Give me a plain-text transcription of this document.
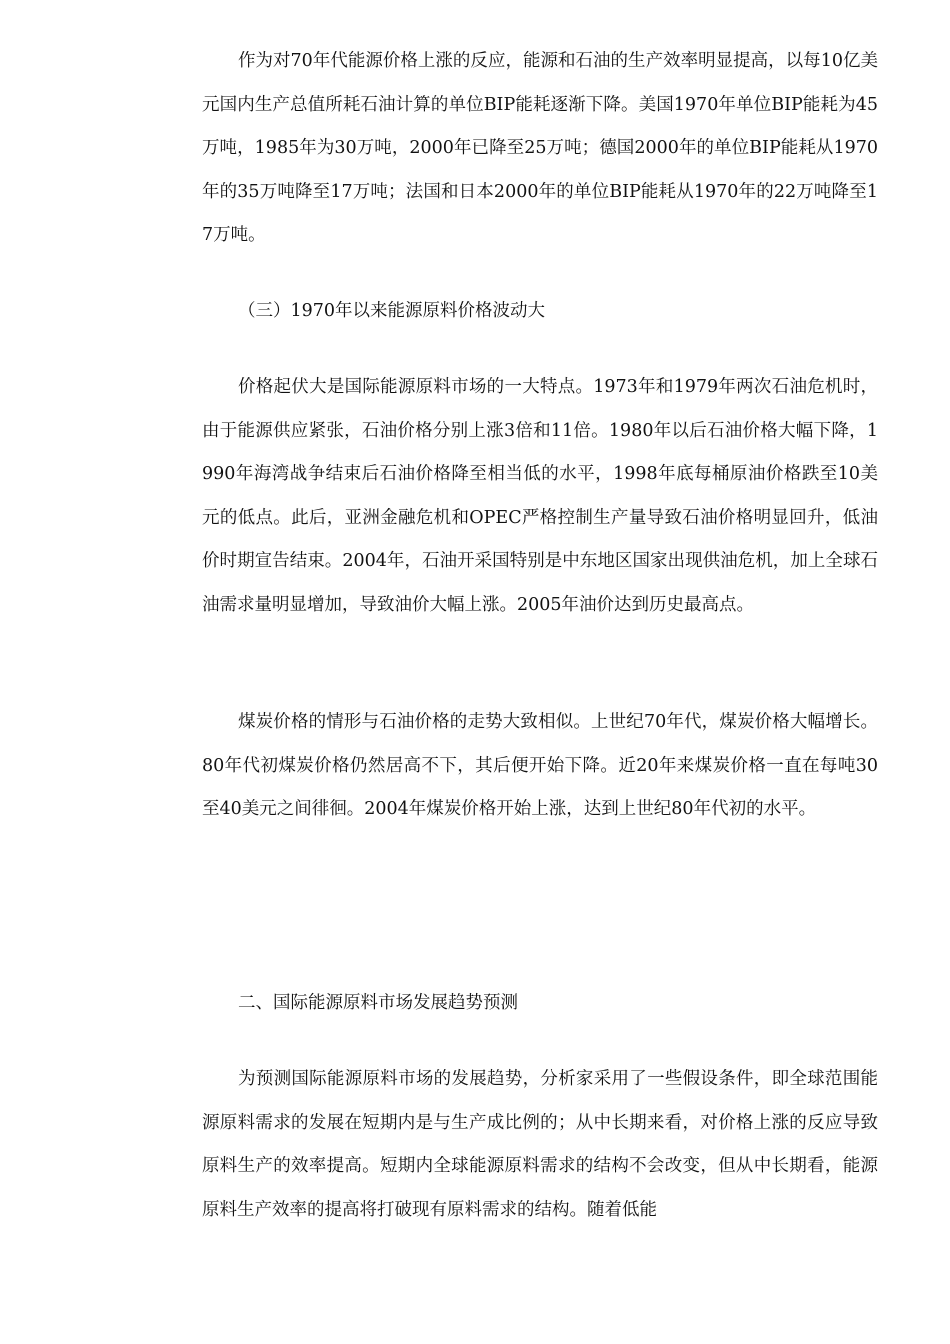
作为对70年代能源价格上涨的反应，能源和石油的生产效率明显提高，以每10亿美元国内生产总值所耗石油计算的单位BIP能耗逐渐下降。美国1970年单位BIP能耗为45万吨，1985年为30万吨，2000年已降至25万吨；德国2000年的单位BIP能耗从1970年的35万吨降至17万吨；法国和日本2000年的单位BIP能耗从1970年的22万吨降至17万吨。

（三）1970年以来能源原料价格波动大

价格起伏大是国际能源原料市场的一大特点。1973年和1979年两次石油危机时，由于能源供应紧张，石油价格分别上涨3倍和11倍。1980年以后石油价格大幅下降，1990年海湾战争结束后石油价格降至相当低的水平，1998年底每桶原油价格跌至10美元的低点。此后，亚洲金融危机和OPEC严格控制生产量导致石油价格明显回升，低油价时期宣告结束。2004年，石油开采国特别是中东地区国家出现供油危机，加上全球石油需求量明显增加，导致油价大幅上涨。2005年油价达到历史最高点。

煤炭价格的情形与石油价格的走势大致相似。上世纪70年代，煤炭价格大幅增长。80年代初煤炭价格仍然居高不下，其后便开始下降。近20年来煤炭价格一直在每吨30至40美元之间徘徊。2004年煤炭价格开始上涨，达到上世纪80年代初的水平。

二、国际能源原料市场发展趋势预测

为预测国际能源原料市场的发展趋势，分析家采用了一些假设条件，即全球范围能源原料需求的发展在短期内是与生产成比例的；从中长期来看，对价格上涨的反应导致原料生产的效率提高。短期内全球能源原料需求的结构不会改变，但从中长期看，能源原料生产效率的提高将打破现有原料需求的结构。随着低能
